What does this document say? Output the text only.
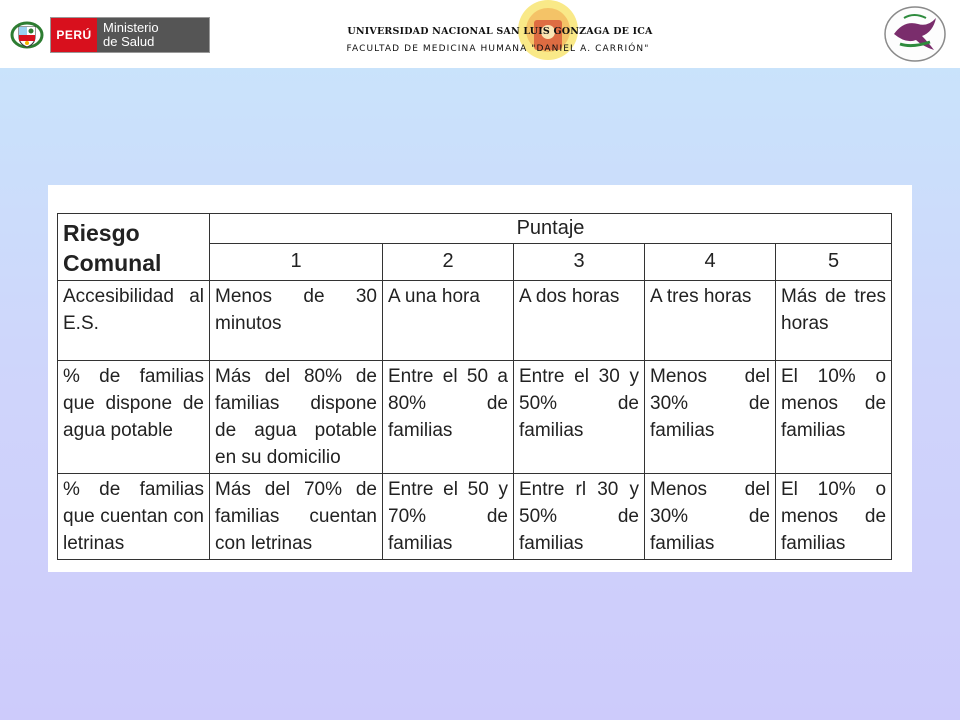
PERÚ Ministerio
de Salud
UNIVERSIDAD NACIONAL SAN LUIS GONZAGA DE ICA
FACULTAD DE MEDICINA HUMANA "DANIEL A. CARRIÓN"
Riesgo
Comunal	Puntaje				
	1	2	3	4	5
Accesibilidad al E.S.	Menos de 30 minutos	A una hora	A dos horas	A tres horas	Más de tres horas
% de familias que dispone de agua potable	Más del 80% de familias dispone de agua potable en su domicilio	Entre el 50 a 80% de familias	Entre el 30 y 50% de familias	Menos del 30% de familias	El 10% o menos de familias
% de familias que cuentan con letrinas	Más del 70% de familias cuentan con letrinas	Entre el 50 y 70% de familias	Entre rl 30 y 50% de familias	Menos del 30% de familias	El 10% o menos de familias
